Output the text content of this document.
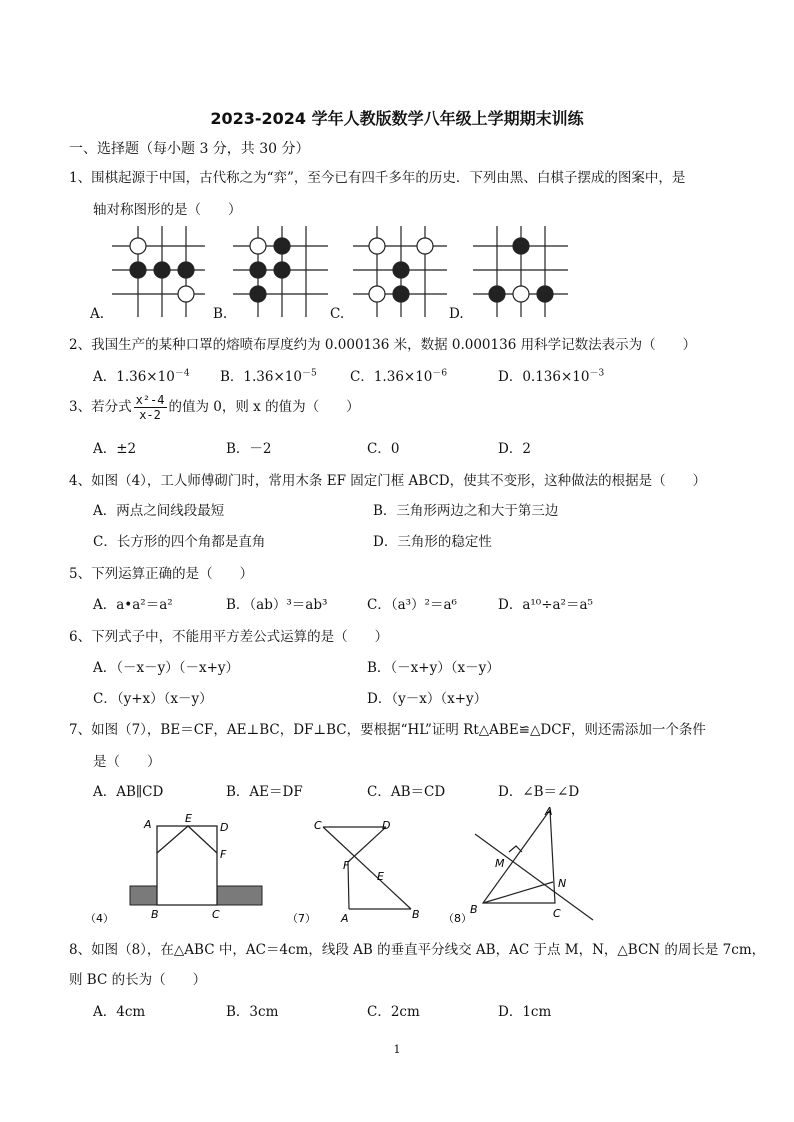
2023-2024 学年人教版数学八年级上学期期末训练
一、选择题（每小题 3 分，共 30 分）
1、围棋起源于中国，古代称之为“弈”，至今已有四千多年的历史．下列由黑、白棋子摆成的图案中，是
轴对称图形的是（　　）
A.	B.	C.	D.
2、我国生产的某种口罩的熔喷布厚度约为 0.000136 米，数据 0.000136 用科学记数法表示为（　　）
A．$1.36\times 10^{-4}$ B．$1.36\times 10^{-5}$ C．$1.36\times 10^{-6}$	D．$0.136\times 10^{-3}$
3、若分式 $\frac{\text{x²-4}}{x-2}$ 的值为 0，则 x 的值为（　　）
A．±2	B．－2	C．0	D．2
4、如图（4），工人师傅砌门时，常用木条 EF 固定门框 ABCD，使其不变形，这种做法的根据是（　　）
A．两点之间线段最短	B．三角形两边之和大于第三边
C．长方形的四个角都是直角	D．三角形的稳定性
5、下列运算正确的是（　　）
A．a•a²＝a²	B．（ab）³＝ab³	C．（a³）²＝a⁶	D．a¹⁰÷a²＝a⁵
6、下列式子中，不能用平方差公式运算的是（　　）
A．（－x－y）（－x+y）	B．（－x+y）（x－y）
C．（y+x）（x－y）	D．（y－x）（x+y）
7、如图（7），BE＝CF，AE⊥BC，DF⊥BC，要根据“HL”证明 Rt△ABE≌△DCF，则还需添加一个条件
是（　　）
A．AB∥CD	B．AE＝DF	C．AB＝CD	D．∠B＝∠D
（4）
A	E
D
F
B	C	（7）
C	D
F
E
A	B （8）
A
M
N
B	C
8、如图（8），在△ABC 中，AC＝4cm，线段 AB 的垂直平分线交 AB，AC 于点 M，N，△BCN 的周长是 7cm，
则 BC 的长为（　　）
A．4cm	B．3cm	C．2cm	D．1cm
1
